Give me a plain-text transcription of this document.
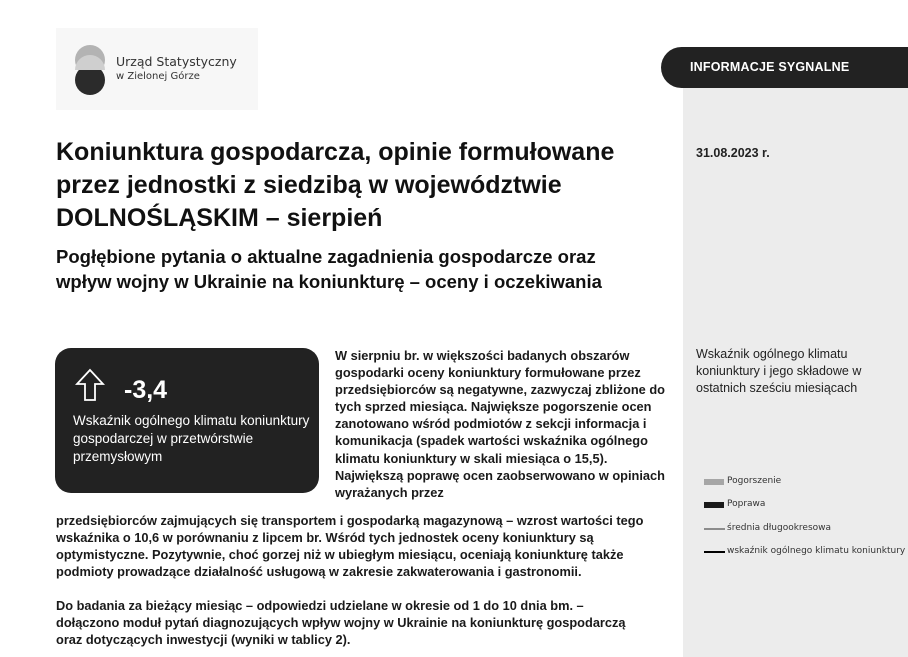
Urząd Statystyczny
w Zielonej Górze
INFORMACJE SYGNALNE
31.08.2023 r.
Koniunktura gospodarcza, opinie formułowane przez jednostki z siedzibą w województwie DOLNOŚLĄSKIM – sierpień
Pogłębione pytania o aktualne zagadnienia gospodarcze oraz wpływ wojny w Ukrainie na koniunkturę – oceny i oczekiwania
-3,4
Wskaźnik ogólnego klimatu koniunktury gospodarczej w przetwórstwie przemysłowym

W sierpniu br. w większości badanych obszarów gospodarki oceny koniunktury formułowane przez przedsiębiorców są negatywne, zazwyczaj zbliżone do tych sprzed miesiąca. Największe pogorszenie ocen zanotowano wśród podmiotów z sekcji informacja i komunikacja (spadek wartości wskaźnika ogólnego klimatu koniunktury w skali miesiąca o 15,5). Największą poprawę ocen zaobserwowano w opiniach wyrażanych przez

przedsiębiorców zajmujących się transportem i gospodarką magazynową – wzrost wartości tego wskaźnika o 10,6 w porównaniu z lipcem br. Wśród tych jednostek oceny koniunktury są optymistyczne. Pozytywnie, choć gorzej niż w ubiegłym miesiącu, oceniają koniunkturę także podmioty prowadzące działalność usługową w zakresie zakwaterowania i gastronomii.

Do badania za bieżący miesiąc – odpowiedzi udzielane w okresie od 1 do 10 dnia bm. – dołączono moduł pytań diagnozujących wpływ wojny w Ukrainie na koniunkturę gospodarczą oraz dotyczących inwestycji (wyniki w tablicy 2).

Wskaźnik ogólnego klimatu koniunktury i jego składowe w ostatnich sześciu miesiącach
Pogorszenie
Poprawa
średnia długookresowa
wskaźnik ogólnego klimatu koniunktury
